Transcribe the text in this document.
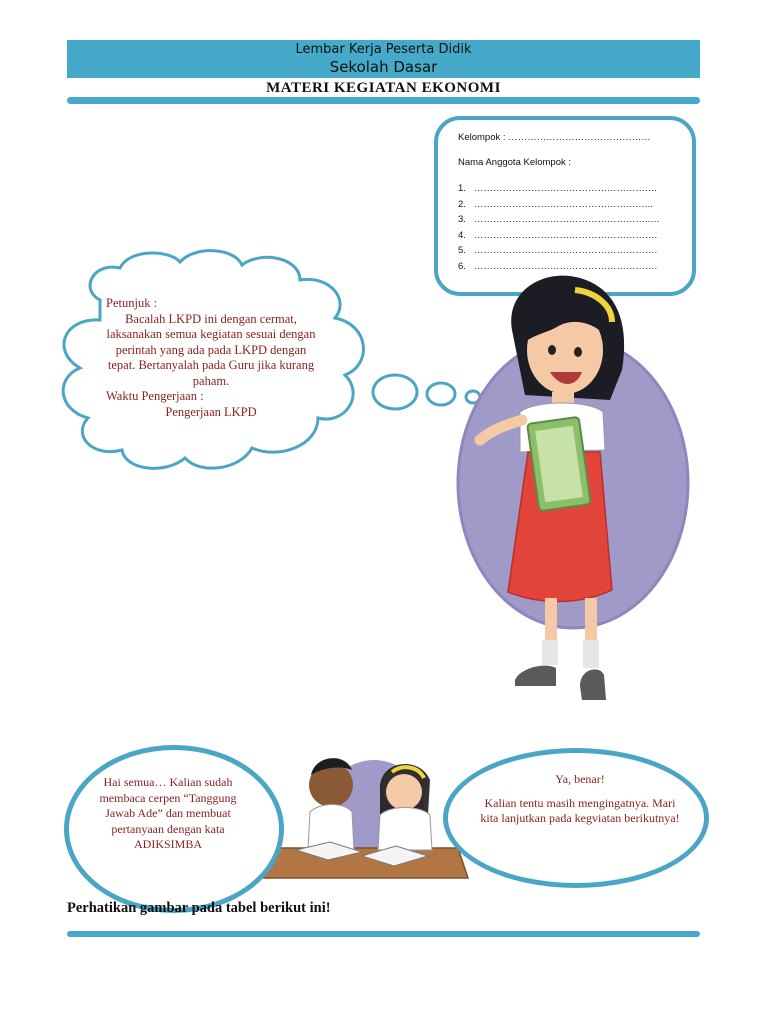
Lembar Kerja Peserta Didik
Sekolah Dasar
MATERI KEGIATAN EKONOMI
Kelompok : ………………………………………
Nama Anggota Kelompok :
1. ……………………………………………….…
2. …………………………………………….…..
3. ………………………………………………..…
4. ………………………………………………….
5. ………………………………………………….
6. ………………………………………………….
Petunjuk :
Bacalah LKPD ini dengan cermat, laksanakan semua kegiatan sesuai dengan perintah yang ada pada LKPD dengan tepat. Bertanyalah pada Guru jika kurang paham.
Waktu Pengerjaan :
Pengerjaan LKPD
Hai semua… Kalian sudah membaca cerpen “Tanggung Jawab Ade” dan membuat pertanyaan dengan kata ADIKSIMBA
Ya, benar!
Kalian tentu masih mengingatnya. Mari kita lanjutkan pada kegviatan berikutnya!
Perhatikan gambar pada tabel berikut ini!
